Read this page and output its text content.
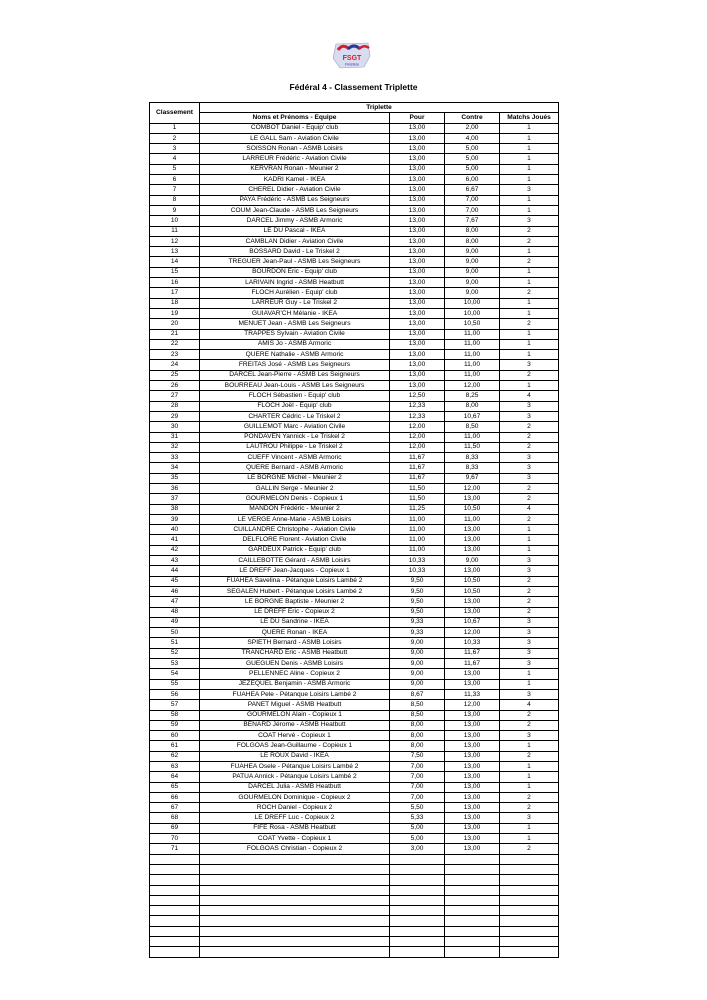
FSGT
Finistère
Fédéral 4 - Classement Triplette
Classement	Triplette			
	Noms et Prénoms - Equipe	Pour	Contre	Matchs Joués
1	COMBOT Daniel - Equip' club	13,00	2,00	1
2	LE GALL Sam - Aviation Civile	13,00	4,00	1
3	SOISSON Ronan - ASMB Loisirs	13,00	5,00	1
4	LARREUR Frédéric - Aviation Civile	13,00	5,00	1
5	KERVRAN Ronan - Meunier 2	13,00	5,00	1
6	KADRI Kamel - IKEA	13,00	6,00	1
7	CHEREL Didier - Aviation Civile	13,00	6,67	3
8	PAYA Frédéric - ASMB Les Seigneurs	13,00	7,00	1
9	COUM Jean-Claude - ASMB Les Seigneurs	13,00	7,00	1
10	DARCEL Jimmy - ASMB Armoric	13,00	7,67	3
11	LE DU Pascal - IKEA	13,00	8,00	2
12	CAMBLAN Didier - Aviation Civile	13,00	8,00	2
13	BOSSARD David - Le Triskel 2	13,00	9,00	1
14	TREGUER Jean-Paul - ASMB Les Seigneurs	13,00	9,00	2
15	BOURDON Eric - Equip' club	13,00	9,00	1
16	LARIVAIN Ingrid - ASMB Heatbutt	13,00	9,00	1
17	FLOCH Aurélien - Equip' club	13,00	9,00	2
18	LARREUR Guy - Le Triskel 2	13,00	10,00	1
19	GUIAVAR'CH Mélanie - IKEA	13,00	10,00	1
20	MENUET Jean - ASMB Les Seigneurs	13,00	10,50	2
21	TRAPPES Sylvain - Aviation Civile	13,00	11,00	1
22	AMIS Jo - ASMB Armoric	13,00	11,00	1
23	QUERE Nathalie - ASMB Armoric	13,00	11,00	1
24	FREITAS José - ASMB Les Seigneurs	13,00	11,00	3
25	DARCEL Jean-Pierre - ASMB Les Seigneurs	13,00	11,00	2
26	BOURREAU Jean-Louis - ASMB Les Seigneurs	13,00	12,00	1
27	FLOCH Sébastien - Equip' club	12,50	8,25	4
28	FLOCH Joël - Equip' club	12,33	8,00	3
29	CHARTER Cédric - Le Triskel 2	12,33	10,67	3
30	GUILLEMOT Marc - Aviation Civile	12,00	8,50	2
31	PONDAVEN Yannick - Le Triskel 2	12,00	11,00	2
32	LAUTROU Philippe - Le Triskel 2	12,00	11,50	2
33	CUEFF Vincent - ASMB Armoric	11,67	8,33	3
34	QUERE Bernard - ASMB Armoric	11,67	8,33	3
35	LE BORGNE Michel - Meunier 2	11,67	9,67	3
36	GALLIN Serge - Meunier 2	11,50	12,00	2
37	GOURMELON Denis - Copieux 1	11,50	13,00	2
38	MANDON Frédéric - Meunier 2	11,25	10,50	4
39	LE VERGE Anne-Marie - ASMB Loisirs	11,00	11,00	2
40	CUILLANDRE Christophe - Aviation Civile	11,00	13,00	1
41	DELFLORE Florent - Aviation Civile	11,00	13,00	1
42	GARDEUX Patrick - Equip' club	11,00	13,00	1
43	CAILLEBOTTE Gérard - ASMB Loisirs	10,33	9,00	3
44	LE DREFF Jean-Jacques - Copieux 1	10,33	13,00	3
45	FUAHEA Savelina - Pétanque Loisirs Lambé 2	9,50	10,50	2
46	SEGALEN Hubert - Pétanque Loisirs Lambé 2	9,50	10,50	2
47	LE BORGNE Baptiste - Meunier 2	9,50	13,00	2
48	LE DREFF Eric - Copieux 2	9,50	13,00	2
49	LE DU Sandrine - IKEA	9,33	10,67	3
50	QUERE Ronan - IKEA	9,33	12,00	3
51	SPIETH Bernard - ASMB Loisirs	9,00	10,33	3
52	TRANCHARD Eric - ASMB Heatbutt	9,00	11,67	3
53	GUEGUEN Denis - ASMB Loisirs	9,00	11,67	3
54	PELLENNEC Aline - Copieux 2	9,00	13,00	1
55	JEZEQUEL Benjamin - ASMB Armoric	9,00	13,00	1
56	FUAHEA Pele - Pétanque Loisirs Lambé 2	8,67	11,33	3
57	PANET Miguel - ASMB Heatbutt	8,50	12,00	4
58	GOURMELON Alain - Copieux 1	8,50	13,00	2
59	BENARD Jérome - ASMB Heatbutt	8,00	13,00	2
60	COAT Hervé - Copieux 1	8,00	13,00	3
61	FOLGOAS Jean-Guillaume - Copieux 1	8,00	13,00	1
62	LE ROUX David - IKEA	7,50	13,00	2
63	FUAHEA Osele - Pétanque Loisirs Lambé 2	7,00	13,00	1
64	PATUA Annick - Pétanque Loisirs Lambé 2	7,00	13,00	1
65	DARCEL Julia - ASMB Heatbutt	7,00	13,00	1
66	GOURMELON Dominique - Copieux 2	7,00	13,00	2
67	ROCH Daniel - Copieux 2	5,50	13,00	2
68	LE DREFF Luc - Copieux 2	5,33	13,00	3
69	FIFE Rosa - ASMB Heatbutt	5,00	13,00	1
70	COAT Yvette - Copieux 1	5,00	13,00	1
71	FOLGOAS Christian - Copieux 2	3,00	13,00	2
